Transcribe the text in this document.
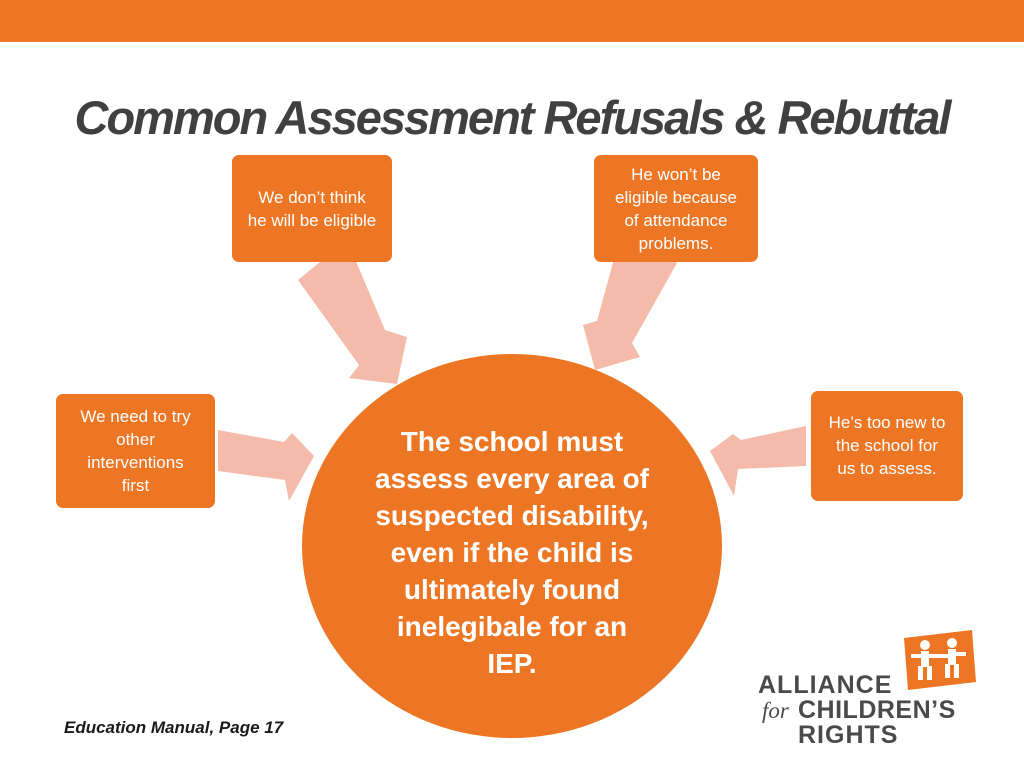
Common Assessment Refusals & Rebuttal
We don’t think
he will be eligible
He won’t be
eligible because
of attendance
problems.
We need to try
other
interventions
first
He’s too new to
the school for
us to assess.
The school must
assess every area of
suspected disability,
even if the child is
ultimately found
inelegibale for an
IEP.
Education Manual, Page 17
ALLIANCE
for CHILDREN’S
RIGHTS
